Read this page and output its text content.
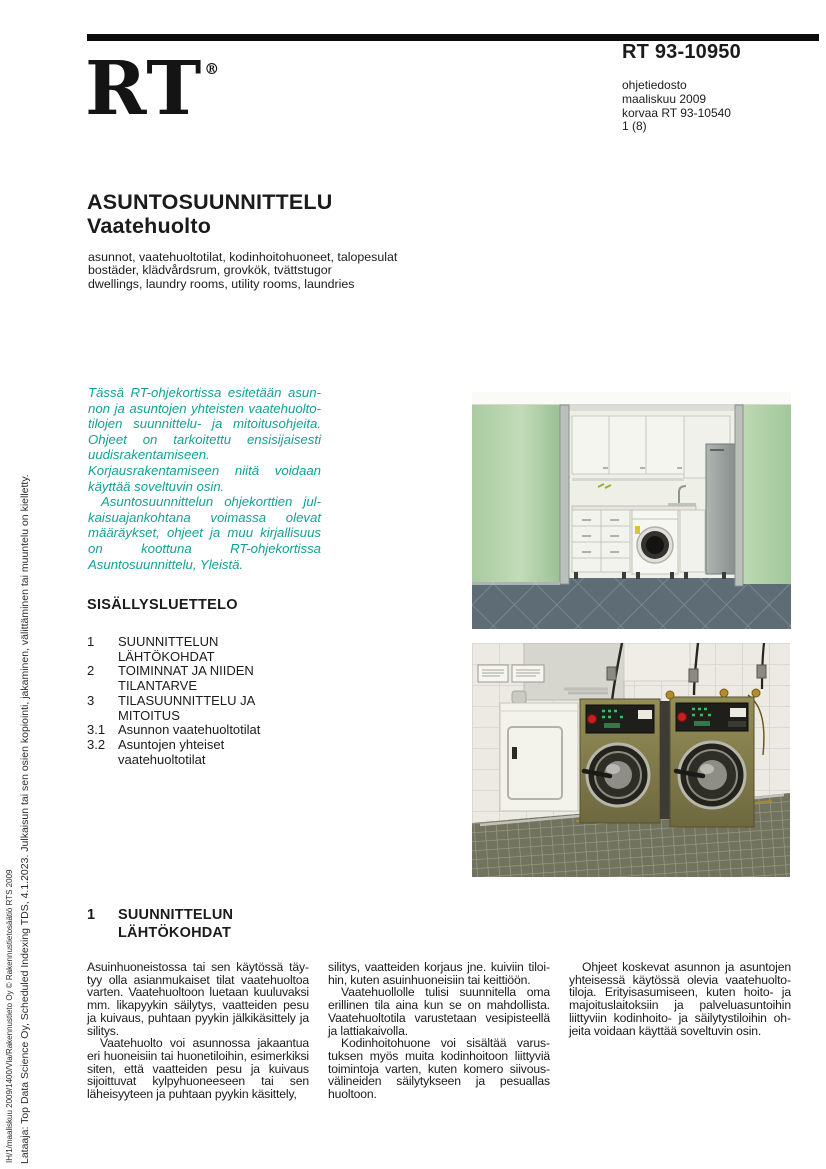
IH/1/maaliskuu 2009/1400/Vla/Rakennustieto Oy © Rakennustietosäätiö RTS 2009 Lataaja: Top Data Science Oy, Scheduled Indexing TDS, 4.1.2023. Julkaisun tai sen osien kopiointi, jakaminen, välittäminen tai muuntelu on kielletty.
RT ®
RT 93-10950
ohjetiedosto
maaliskuu 2009
korvaa RT 93-10540
1 (8)
ASUNTOSUUNNITTELU
Vaatehuolto
asunnot, vaatehuoltotilat, kodinhoitohuoneet, talopesulat
bostäder, klädvårdsrum, grovkök, tvättstugor
dwellings, laundry rooms, utility rooms, laundries

Tässä RT-ohjekortissa esitetään asunnon ja asuntojen yhteisten vaatehuoltotilojen suunnittelu- ja mitoitusohjeita. Ohjeet on tarkoitettu ensisijaisesti uudisrakentamiseen. Korjausrakentamiseen niitä voidaan käyttää soveltuvin osin.

Asuntosuunnittelun ohjekorttien julkaisuajankohtana voimassa olevat määräykset, ohjeet ja muu kirjallisuus on koottuna RT-ohjekortissa Asuntosuunnittelu, Yleistä.

SISÄLLYSLUETTELO
1	SUUNNITTELUN
LÄHTÖKOHDAT
2	TOIMINNAT JA NIIDEN
TILANTARVE
3	TILASUUNNITTELU JA
MITOITUS
3.1 Asunnon vaatehuoltotilat
3.2 Asuntojen yhteiset
vaatehuoltotilat
1	SUUNNITTELUN
LÄHTÖKOHDAT

Asuinhuoneistossa tai sen käytössä täytyy olla asianmukaiset tilat vaatehuoltoa varten. Vaatehuoltoon luetaan kuuluvaksi mm. likapyykin säilytys, vaatteiden pesu ja kuivaus, puhtaan pyykin jälkikäsittely ja silitys.

Vaatehuolto voi asunnossa jakaantua eri huoneisiin tai huonetiloihin, esimerkiksi siten, että vaatteiden pesu ja kuivaus sijoittuvat kylpyhuoneeseen tai sen läheisyyteen ja puhtaan pyykin käsittely,

silitys, vaatteiden korjaus jne. kuiviin tiloihin, kuten asuinhuoneisiin tai keittiöön.

Vaatehuollolle tulisi suunnitella oma erillinen tila aina kun se on mahdollista. Vaatehuoltotila varustetaan vesipisteellä ja lattiakaivolla.

Kodinhoitohuone voi sisältää varustuksen myös muita kodinhoitoon liittyviä toimintoja varten, kuten komero siivousvälineiden säilytykseen ja pesuallas huoltoon.

Ohjeet koskevat asunnon ja asuntojen yhteisessä käytössä olevia vaatehuoltotiloja. Erityisasumiseen, kuten hoito- ja majoituslaitoksiin ja palveluasuntoihin liittyviin kodinhoito- ja säilytystiloihin ohjeita voidaan käyttää soveltuvin osin.
